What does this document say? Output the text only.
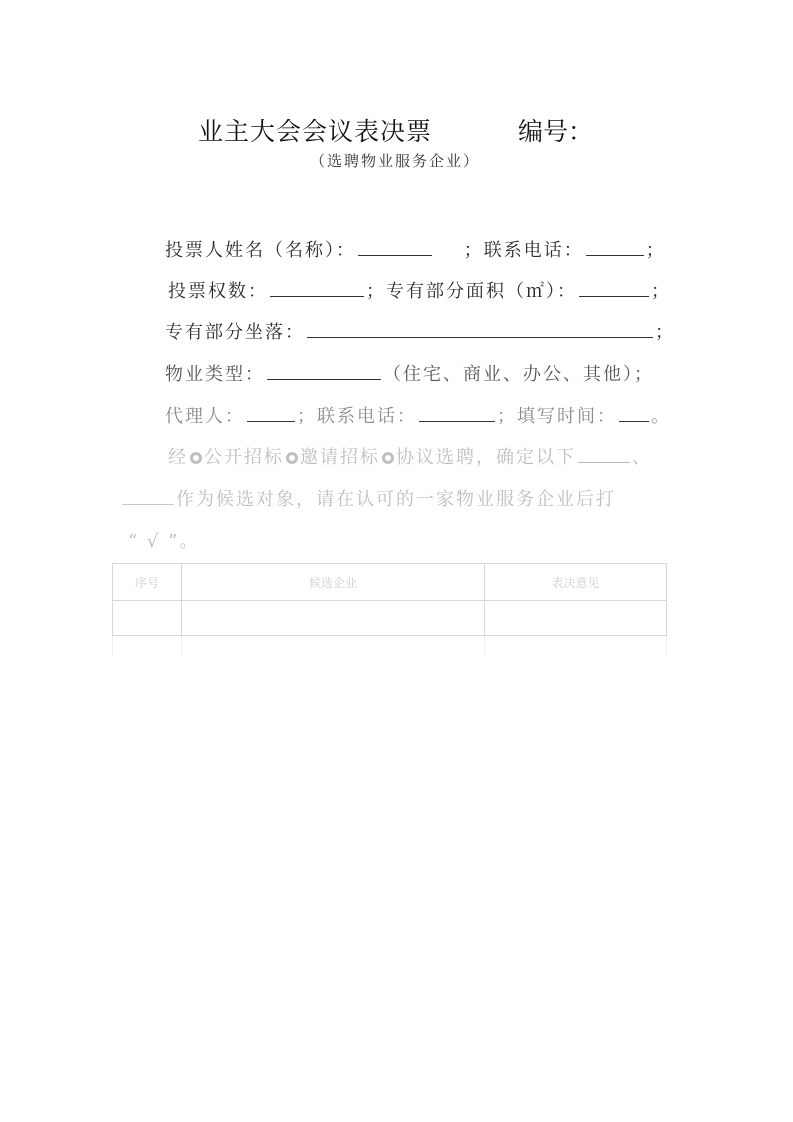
业主大会会议表决票	编号：
（选聘物业服务企业）
投票人姓名（名称）：	；联系电话：	；
投票权数：	；专有部分面积（㎡）：	；
专有部分坐落：	；
物业类型：	（住宅、商业、办公、其他）；
代理人：	；联系电话：	；填写时间： 。
经 公开招标 邀请招标 协议选聘，确定以下	、
作为候选对象，请在认可的一家物业服务企业后打
“ √ ”。
序号	候选企业	表决意见
